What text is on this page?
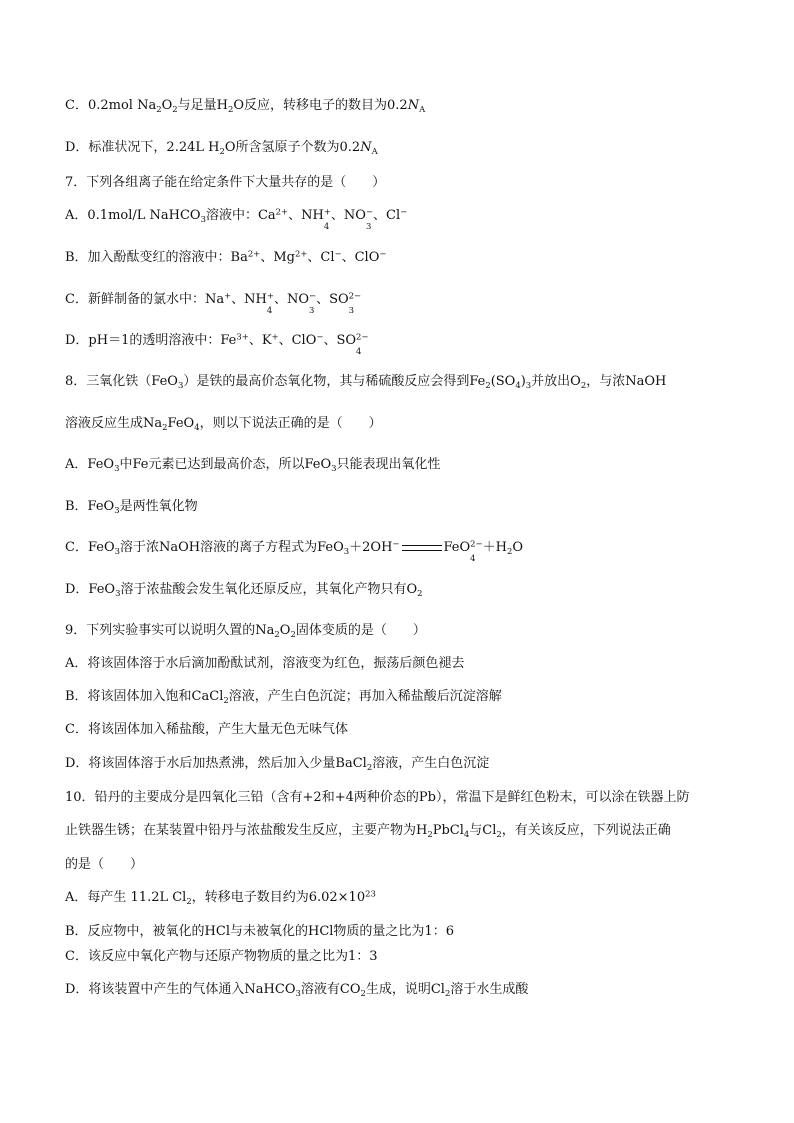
C．0.2mol $Na_2O_2$与足量$H_2O$反应，转移电子的数目为$0.2N_A$
D．标准状况下，2.24L $H_2O$所含氢原子个数为$0.2N_A$
7．下列各组离子能在给定条件下大量共存的是（　　）
A．0.1mol/L NaHCO$_3$溶液中：$Ca^{2+}$、NH+
4
、NO−
3
、Cl−
B．加入酚酞变红的溶液中：$Ba^{2+}$、$Mg^{2+}$、Cl−、ClO−
C．新鲜制备的氯水中：Na+、NH+
4
、NO−
3
、$SO^{2-}$
3
D．pH＝1的透明溶液中：$Fe^{3+}$、K+、ClO−、$SO^{2-}$
4
8．三氧化铁（FeO$_3$）是铁的最高价态氧化物，其与稀硫酸反应会得到$Fe_2(SO_4)_3$并放出$O_2$，与浓NaOH
溶液反应生成$Na_2FeO_4$，则以下说法正确的是（　　）
A．FeO$_3$中Fe元素已达到最高价态，所以FeO$_3$只能表现出氧化性
B．FeO$_3$是两性氧化物
C．FeO$_3$溶于浓NaOH溶液的离子方程式为FeO$_3$＋2OH−	FeO$^{2-}$
4
$+H_2O$
D．FeO$_3$溶于浓盐酸会发生氧化还原反应，其氧化产物只有$O_2$
9．下列实验事实可以说明久置的$Na_2O_2$固体变质的是（　　）
A．将该固体溶于水后滴加酚酞试剂，溶液变为红色，振荡后颜色褪去
B．将该固体加入饱和CaCl$_2$溶液，产生白色沉淀；再加入稀盐酸后沉淀溶解
C．将该固体加入稀盐酸，产生大量无色无味气体
D．将该固体溶于水后加热煮沸，然后加入少量BaCl$_2$溶液，产生白色沉淀
10．铅丹的主要成分是四氧化三铅（含有+2和+4两种价态的Pb），常温下是鲜红色粉末，可以涂在铁器上防
止铁器生锈；在某装置中铅丹与浓盐酸发生反应，主要产物为$H_2PbCl_4$与$Cl_2$，有关该反应，下列说法正确
的是（　　）
A．每产生 11.2L $Cl_2$，转移电子数目约为$6.02\times 10^{23}$
B．反应物中，被氧化的HCl与未被氧化的HCl物质的量之比为1：6
C．该反应中氧化产物与还原产物物质的量之比为1：3
D．将该装置中产生的气体通入NaHCO$_3$溶液有$CO_2$生成，说明$Cl_2$溶于水生成酸
